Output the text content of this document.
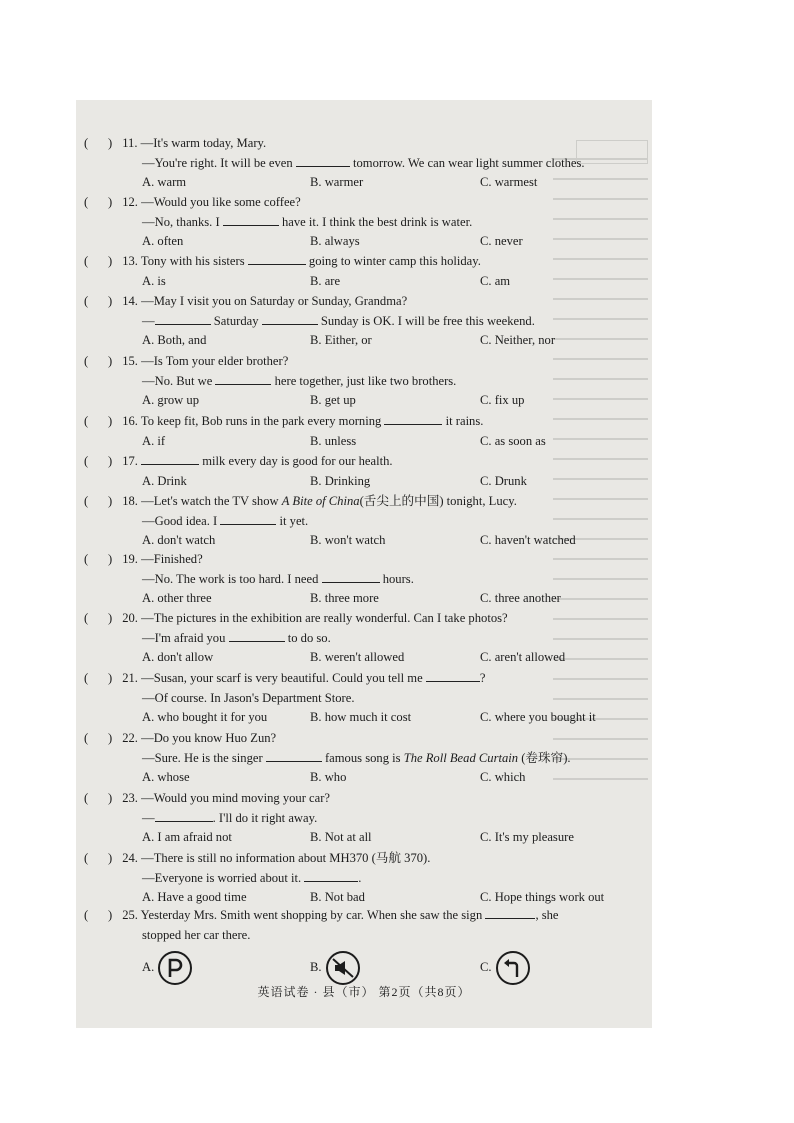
( ) 11. —It's warm today, Mary.
—You're right. It will be even	tomorrow. We can wear light summer clothes.
A. warm	B. warmer	C. warmest
( ) 12. —Would you like some coffee?
—No, thanks. I	have it. I think the best drink is water.
A. often	B. always	C. never
( ) 13. Tony with his sisters	going to winter camp this holiday.
A. is	B. are	C. am
( ) 14. —May I visit you on Saturday or Sunday, Grandma?
—	Saturday	Sunday is OK. I will be free this weekend.
A. Both, and	B. Either, or	C. Neither, nor
( ) 15. —Is Tom your elder brother?
—No. But we	here together, just like two brothers.
A. grow up	B. get up	C. fix up
( ) 16. To keep fit, Bob runs in the park every morning	it rains.
A. if	B. unless	C. as soon as
( ) 17.	milk every day is good for our health.
A. Drink	B. Drinking	C. Drunk
( ) 18. —Let's watch the TV show A Bite of China(舌尖上的中国) tonight, Lucy.
—Good idea. I	it yet.
A. don't watch	B. won't watch	C. haven't watched
( ) 19. —Finished?
—No. The work is too hard. I need	hours.
A. other three	B. three more	C. three another
( ) 20. —The pictures in the exhibition are really wonderful. Can I take photos?
—I'm afraid you	to do so.
A. don't allow	B. weren't allowed	C. aren't allowed
( ) 21. —Susan, your scarf is very beautiful. Could you tell me	?
—Of course. In Jason's Department Store.
A. who bought it for you	B. how much it cost	C. where you bought it
( ) 22. —Do you know Huo Zun?
—Sure. He is the singer	famous song is The Roll Bead Curtain (卷珠帘).
A. whose	B. who	C. which
( ) 23. —Would you mind moving your car?
—	. I'll do it right away.
A. I am afraid not	B. Not at all	C. It's my pleasure
( ) 24. —There is still no information about MH370 (马航 370).
—Everyone is worried about it.	.
A. Have a good time	B. Not bad	C. Hope things work out
( ) 25. Yesterday Mrs. Smith went shopping by car. When she saw the sign	, she
stopped her car there.
A.	B.	C.
英语试卷 · 县（市） 第2页（共8页）
